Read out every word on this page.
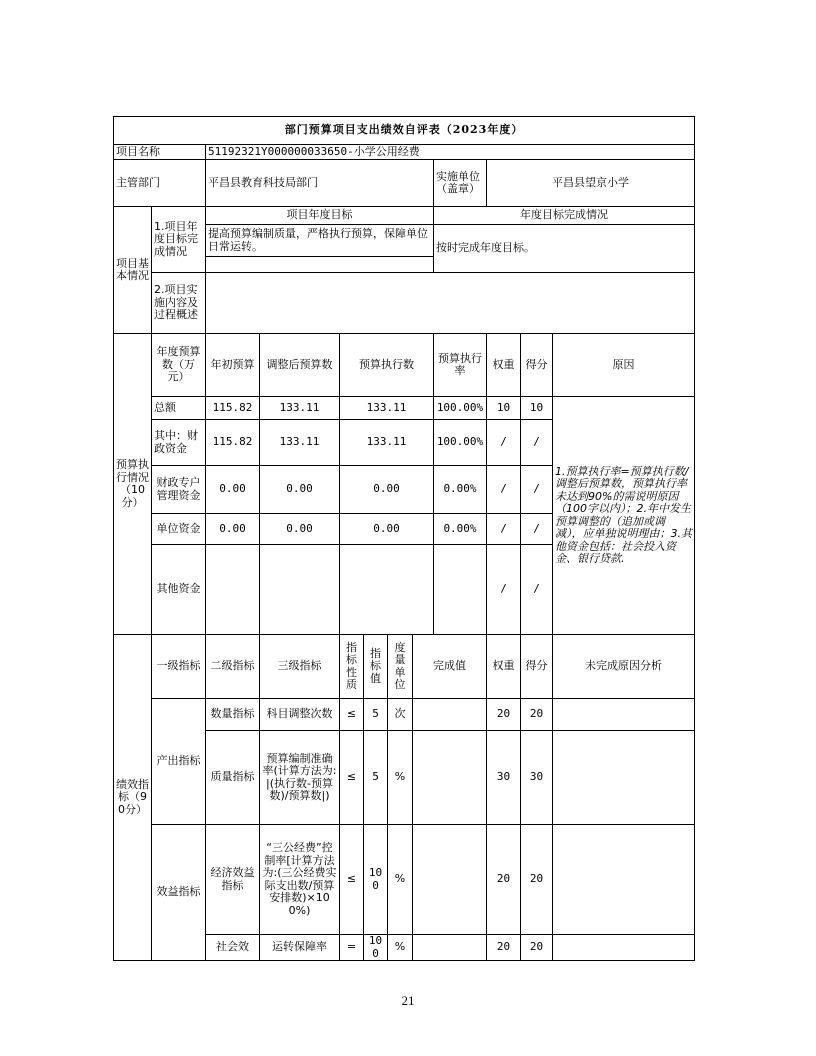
部门预算项目支出绩效自评表（2023年度）											
项目名称		51192321Y000000033650-小学公用经费									
主管部门		平昌县教育科技局部门						实施单位（盖章）	平昌县望京小学		
项目基本情况	1.项目年度目标完成情况	项目年度目标						年度目标完成情况			
		提高预算编制质量，严格执行预算，保障单位日常运转。						按时完成年度目标。			

	2.项目实施内容及过程概述										
预算执行情况（10分）	年度预算数（万元）	年初预算	调整后预算数	预算执行数				预算执行率	权重	得分	原因
	总额	115.82	133.11	133.11				100.00%	10	10	1.预算执行率=预算执行数/调整后预算数，预算执行率未达到90%的需说明原因（100字以内）；2.年中发生预算调整的（追加或调减），应单独说明理由；3.其他资金包括：社会投入资金、银行贷款.
	其中：财政资金	115.82	133.11	133.11				100.00%	/	/	
	财政专户管理资金	0.00	0.00	0.00				0.00%	/	/	
	单位资金	0.00	0.00	0.00				0.00%	/	/	
	其他资金								/	/	
绩效指标（90分）	一级指标	二级指标	三级指标	指标性质	指标值	度量单位	完成值		权重	得分	未完成原因分析
	产出指标	数量指标	科目调整次数	≤	5	次			20	20	
		质量指标	预算编制准确率(计算方法为:|(执行数-预算数)/预算数|)	≤	5	%			30	30	
	效益指标	经济效益指标	“三公经费”控制率[计算方法为:(三公经费实际支出数/预算安排数)×100%)	≤	100	%			20	20	
		社会效	运转保障率	=	100	%			20	20	
21
